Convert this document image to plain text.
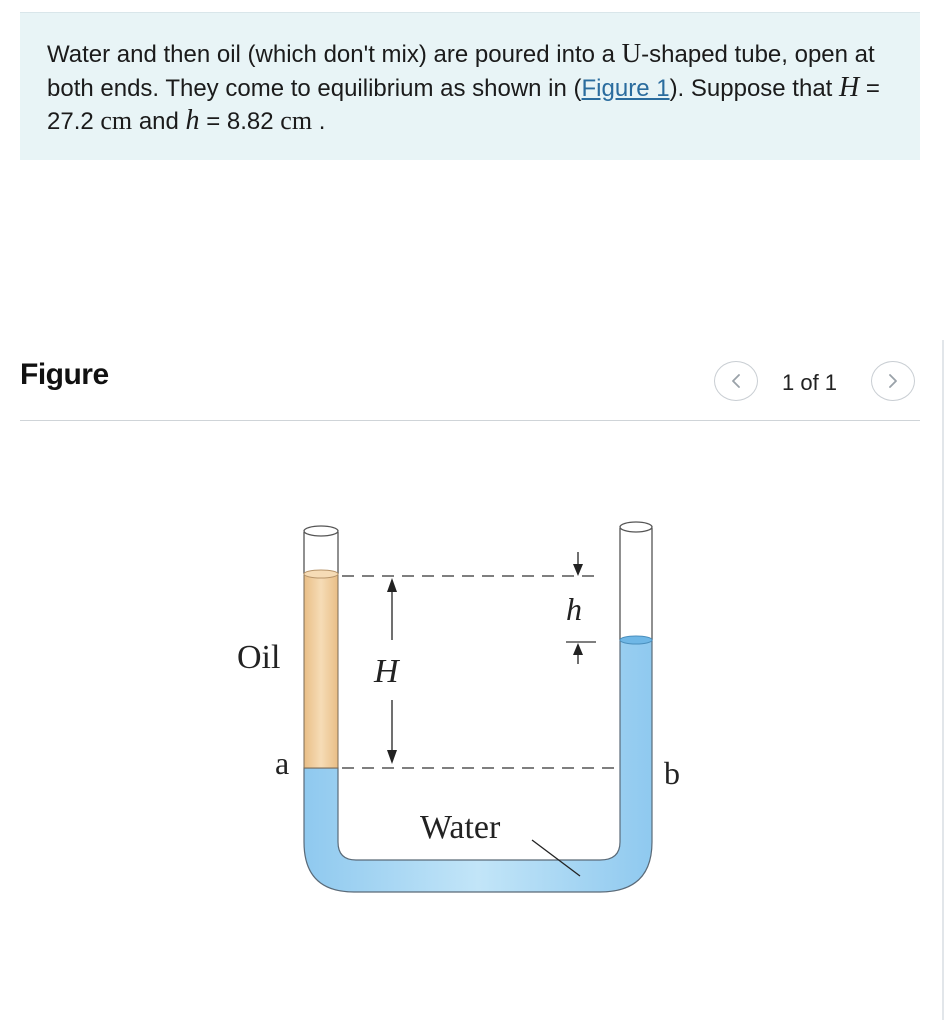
Water and then oil (which don't mix) are poured into a U-shaped tube, open at both ends. They come to equilibrium as shown in (Figure 1). Suppose that H = 27.2 cm and h = 8.82 cm .
Figure	1 of 1
Oil	H
h
a	b
Water
